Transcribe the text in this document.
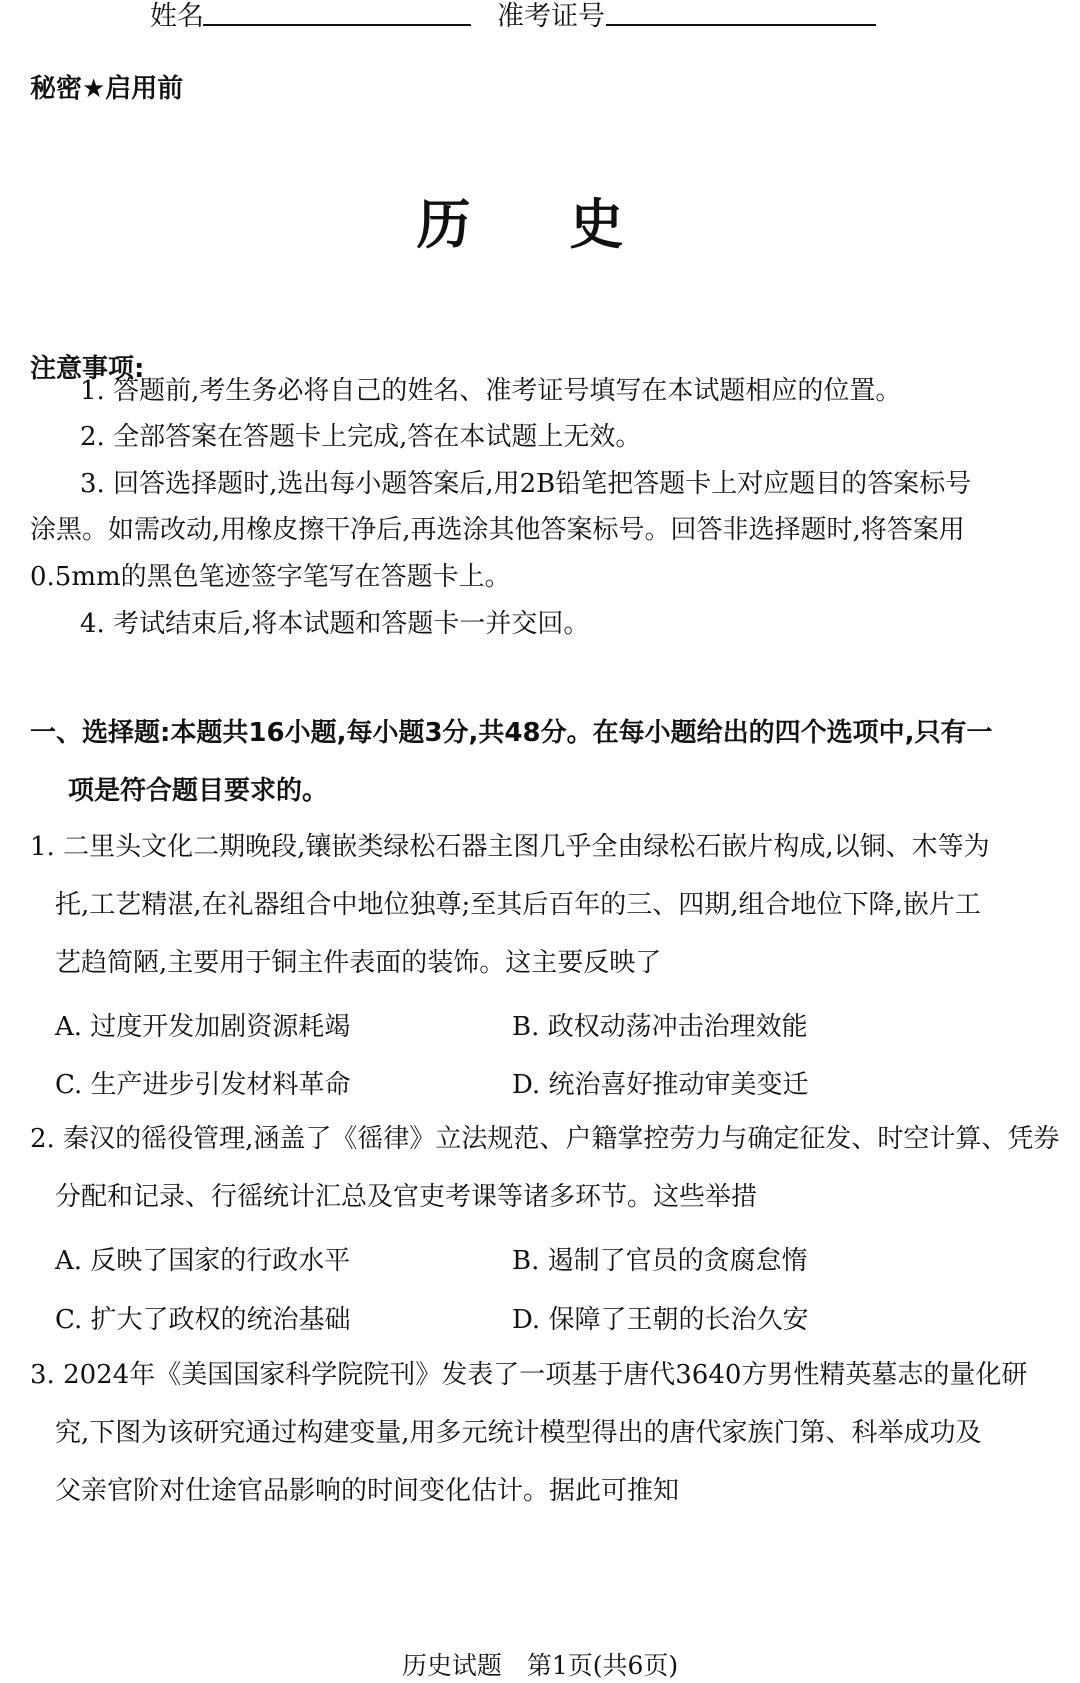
姓名	准考证号
秘密★启用前
历 史
注意事项:
1. 答题前,考生务必将自己的姓名、准考证号填写在本试题相应的位置。
2. 全部答案在答题卡上完成,答在本试题上无效。
3. 回答选择题时,选出每小题答案后,用2B铅笔把答题卡上对应题目的答案标号
涂黑。如需改动,用橡皮擦干净后,再选涂其他答案标号。回答非选择题时,将答案用
0.5mm的黑色笔迹签字笔写在答题卡上。
4. 考试结束后,将本试题和答题卡一并交回。
一、选择题:本题共16小题,每小题3分,共48分。在每小题给出的四个选项中,只有一
项是符合题目要求的。
1. 二里头文化二期晚段,镶嵌类绿松石器主图几乎全由绿松石嵌片构成,以铜、木等为
托,工艺精湛,在礼器组合中地位独尊;至其后百年的三、四期,组合地位下降,嵌片工
艺趋简陋,主要用于铜主件表面的装饰。这主要反映了
A. 过度开发加剧资源耗竭	B. 政权动荡冲击治理效能
C. 生产进步引发材料革命	D. 统治喜好推动审美变迁
2. 秦汉的徭役管理,涵盖了《徭律》立法规范、户籍掌控劳力与确定征发、时空计算、凭券
分配和记录、行徭统计汇总及官吏考课等诸多环节。这些举措
A. 反映了国家的行政水平	B. 遏制了官员的贪腐怠惰
C. 扩大了政权的统治基础	D. 保障了王朝的长治久安
3. 2024年《美国国家科学院院刊》发表了一项基于唐代3640方男性精英墓志的量化研
究,下图为该研究通过构建变量,用多元统计模型得出的唐代家族门第、科举成功及
父亲官阶对仕途官品影响的时间变化估计。据此可推知
历史试题　第1页(共6页)
